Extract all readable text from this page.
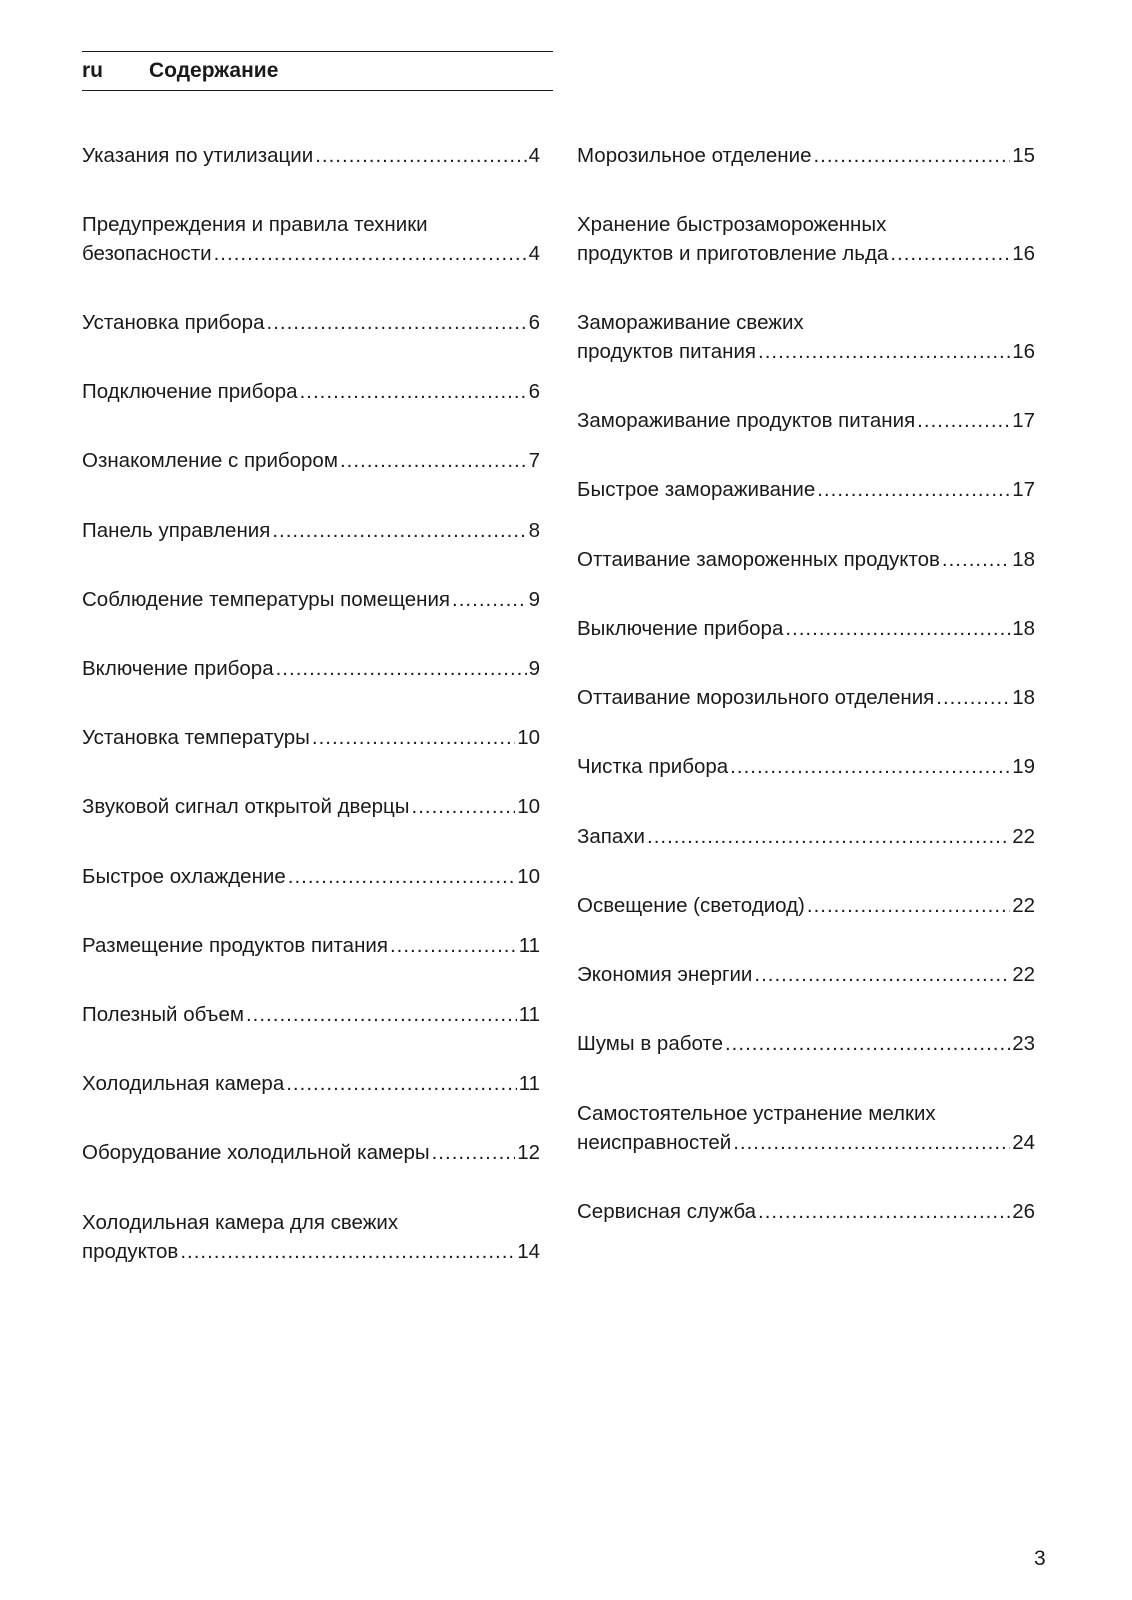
ru Содержание
Указания по утилизации .....	4
Предупреждения и правила техники
безопасности .....	4
Установка прибора .....	6
Подключение прибора .....	6
Ознакомление с прибором .....	7
Панель управления .....	8
Соблюдение температуры помещения .....	9
Включение прибора .....	9
Установка температуры .....	10
Звуковой сигнал открытой дверцы .....	10
Быстрое охлаждение .....	10
Размещение продуктов питания .....	11
Полезный объем .....	11
Холодильная камера .....	11
Оборудование холодильной камеры .....	12
Холодильная камера для свежих
продуктов .....	14
Морозильное отделение .....	15
Хранение быстрозамороженных
продуктов и приготовление льда .....	16
Замораживание свежих
продуктов питания .....	16
Замораживание продуктов питания .....	17
Быстрое замораживание .....	17
Оттаивание замороженных продуктов .....	18
Выключение прибора .....	18
Оттаивание морозильного отделения .....	18
Чистка прибора .....	19
Запахи .....	22
Освещение (светодиод) .....	22
Экономия энергии .....	22
Шумы в работе .....	23
Самостоятельное устранение мелких
неисправностей .....	24
Сервисная служба .....	26
3
